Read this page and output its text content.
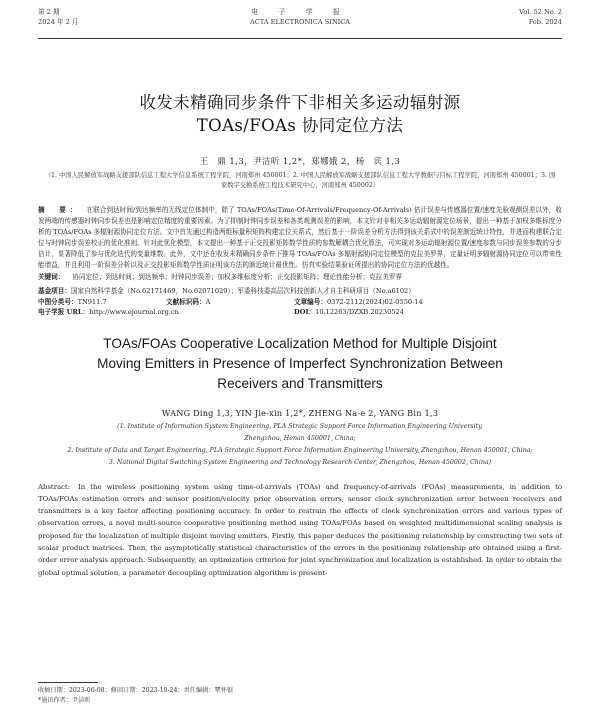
第 2 期
2024 年 2 月
电 子 学 报
ACTA ELECTRONICA SINICA
Vol. 52 No. 2
Feb. 2024
收发未精确同步条件下非相关多运动辐射源
TOAs/FOAs 协同定位方法
王　鼎 1,3，尹洁昕 1,2*，郑娜娥 2，杨　宾 1,3
（1. 中国人民解放军战略支援部队信息工程大学信息系统工程学院，河南郑州 450001；2. 中国人民解放军战略支援部队信息工程大学数据与目标工程学院，河南郑州 450001；3. 国家数字交换系统工程技术研究中心，河南郑州 450002）
摘　要： 在联合到达时间/到达频率的无线定位体制中，除了 TOAs/FOAs(Time-Of-Arrivals/Frequency-Of-Arrivals) 估计误差与传感器位置/速度先验观测误差以外，收发两端的传感器时钟同步误差也是影响定位精度的重要因素。为了抑制时钟同步误差和各类观测误差的影响，本文针对非相关多运动辐射源定位场景，提出一种基于加权多维标度分析的 TOAs/FOAs 多辐射源协同定位方法。文中首先通过构造两组标量积矩阵构建定位关系式，然后基于一阶误差分析方法得到该关系式中的误差渐近统计特性，并进而构建联合定位与时钟同步误差校正的优化准则。针对此优化模型，本文提出一种基于正交投影矩阵数学性质的参数解耦合优化算法，可实现对多运动辐射源位置/速度参数与同步误差参数的分步估计，显著降低了参与优化迭代的变量维数。此外，文中还在收发未精确同步条件下推导 TOAs/FOAs 多辐射源协同定位模型的克拉美罗界，定量证明多辐射源协同定位可以带来性能增益，并且利用一阶误差分析以及正交投影矩阵数学性质证明该方法的渐近统计最优性。仿真实验结果验证所提出的协同定位方法的优越性。
关键词： 协同定位；到达时间；到达频率；时钟同步误差；加权多维标度分析；正交投影矩阵；理论性能分析；克拉美罗界
基金项目：国家自然科学基金（No.62171469，No.62071029）；军委科技委高层次科技创新人才自主科研项目（No.a6102）
中图分类号：TN911.7	文献标识码：A	文章编号：0372-2112(2024)02-0550-14
电子学报 URL：http://www.ejournal.org.cn	DOI：10.12263/DZXB.20230524
TOAs/FOAs Cooperative Localization Method for Multiple Disjoint
Moving Emitters in Presence of Imperfect Synchronization Between
Receivers and Transmitters
WANG Ding 1,3, YIN Jie-xin 1,2*, ZHENG Na-e 2, YANG Bin 1,3
(1. Institute of Information System Engineering, PLA Strategic Support Force Information Engineering University,
Zhengzhou, Henan 450001, China;
2. Institute of Data and Target Engineering, PLA Strategic Support Force Information Engineering University, Zhengzhou, Henan 450001, China;
3. National Digital Switching System Engineering and Technology Research Center, Zhengzhou, Henan 450002, China)
Abstract: In the wireless positioning system using time-of-arrivals (TOAs) and frequency-of-arrivals (FOAs) measurements, in addition to TOAs/FOAs estimation errors and sensor position/velocity prior observation errors, sensor clock synchronization error between receivers and transmitters is a key factor affecting positioning accuracy. In order to restrain the effects of clock synchronization errors and various types of observation errors, a novel multi-source cooperative positioning method using TOAs/FOAs based on weighted multidimensional scaling analysis is proposed for the localization of multiple disjoint moving emitters. Firstly, this paper deduces the positioning relationship by constructing two sets of scalar product matrices. Then, the asymptotically statistical characteristics of the errors in the positioning relationship are obtained using a first-order error analysis approach. Subsequently, an optimization criterion for joint synchronization and localization is established. In order to obtain the global optimal solution, a parameter decoupling optimization algorithm is present-
收稿日期：2023-06-08；修回日期：2023-10-24；责任编辑：覃怀银
*通讯作者：尹洁昕
